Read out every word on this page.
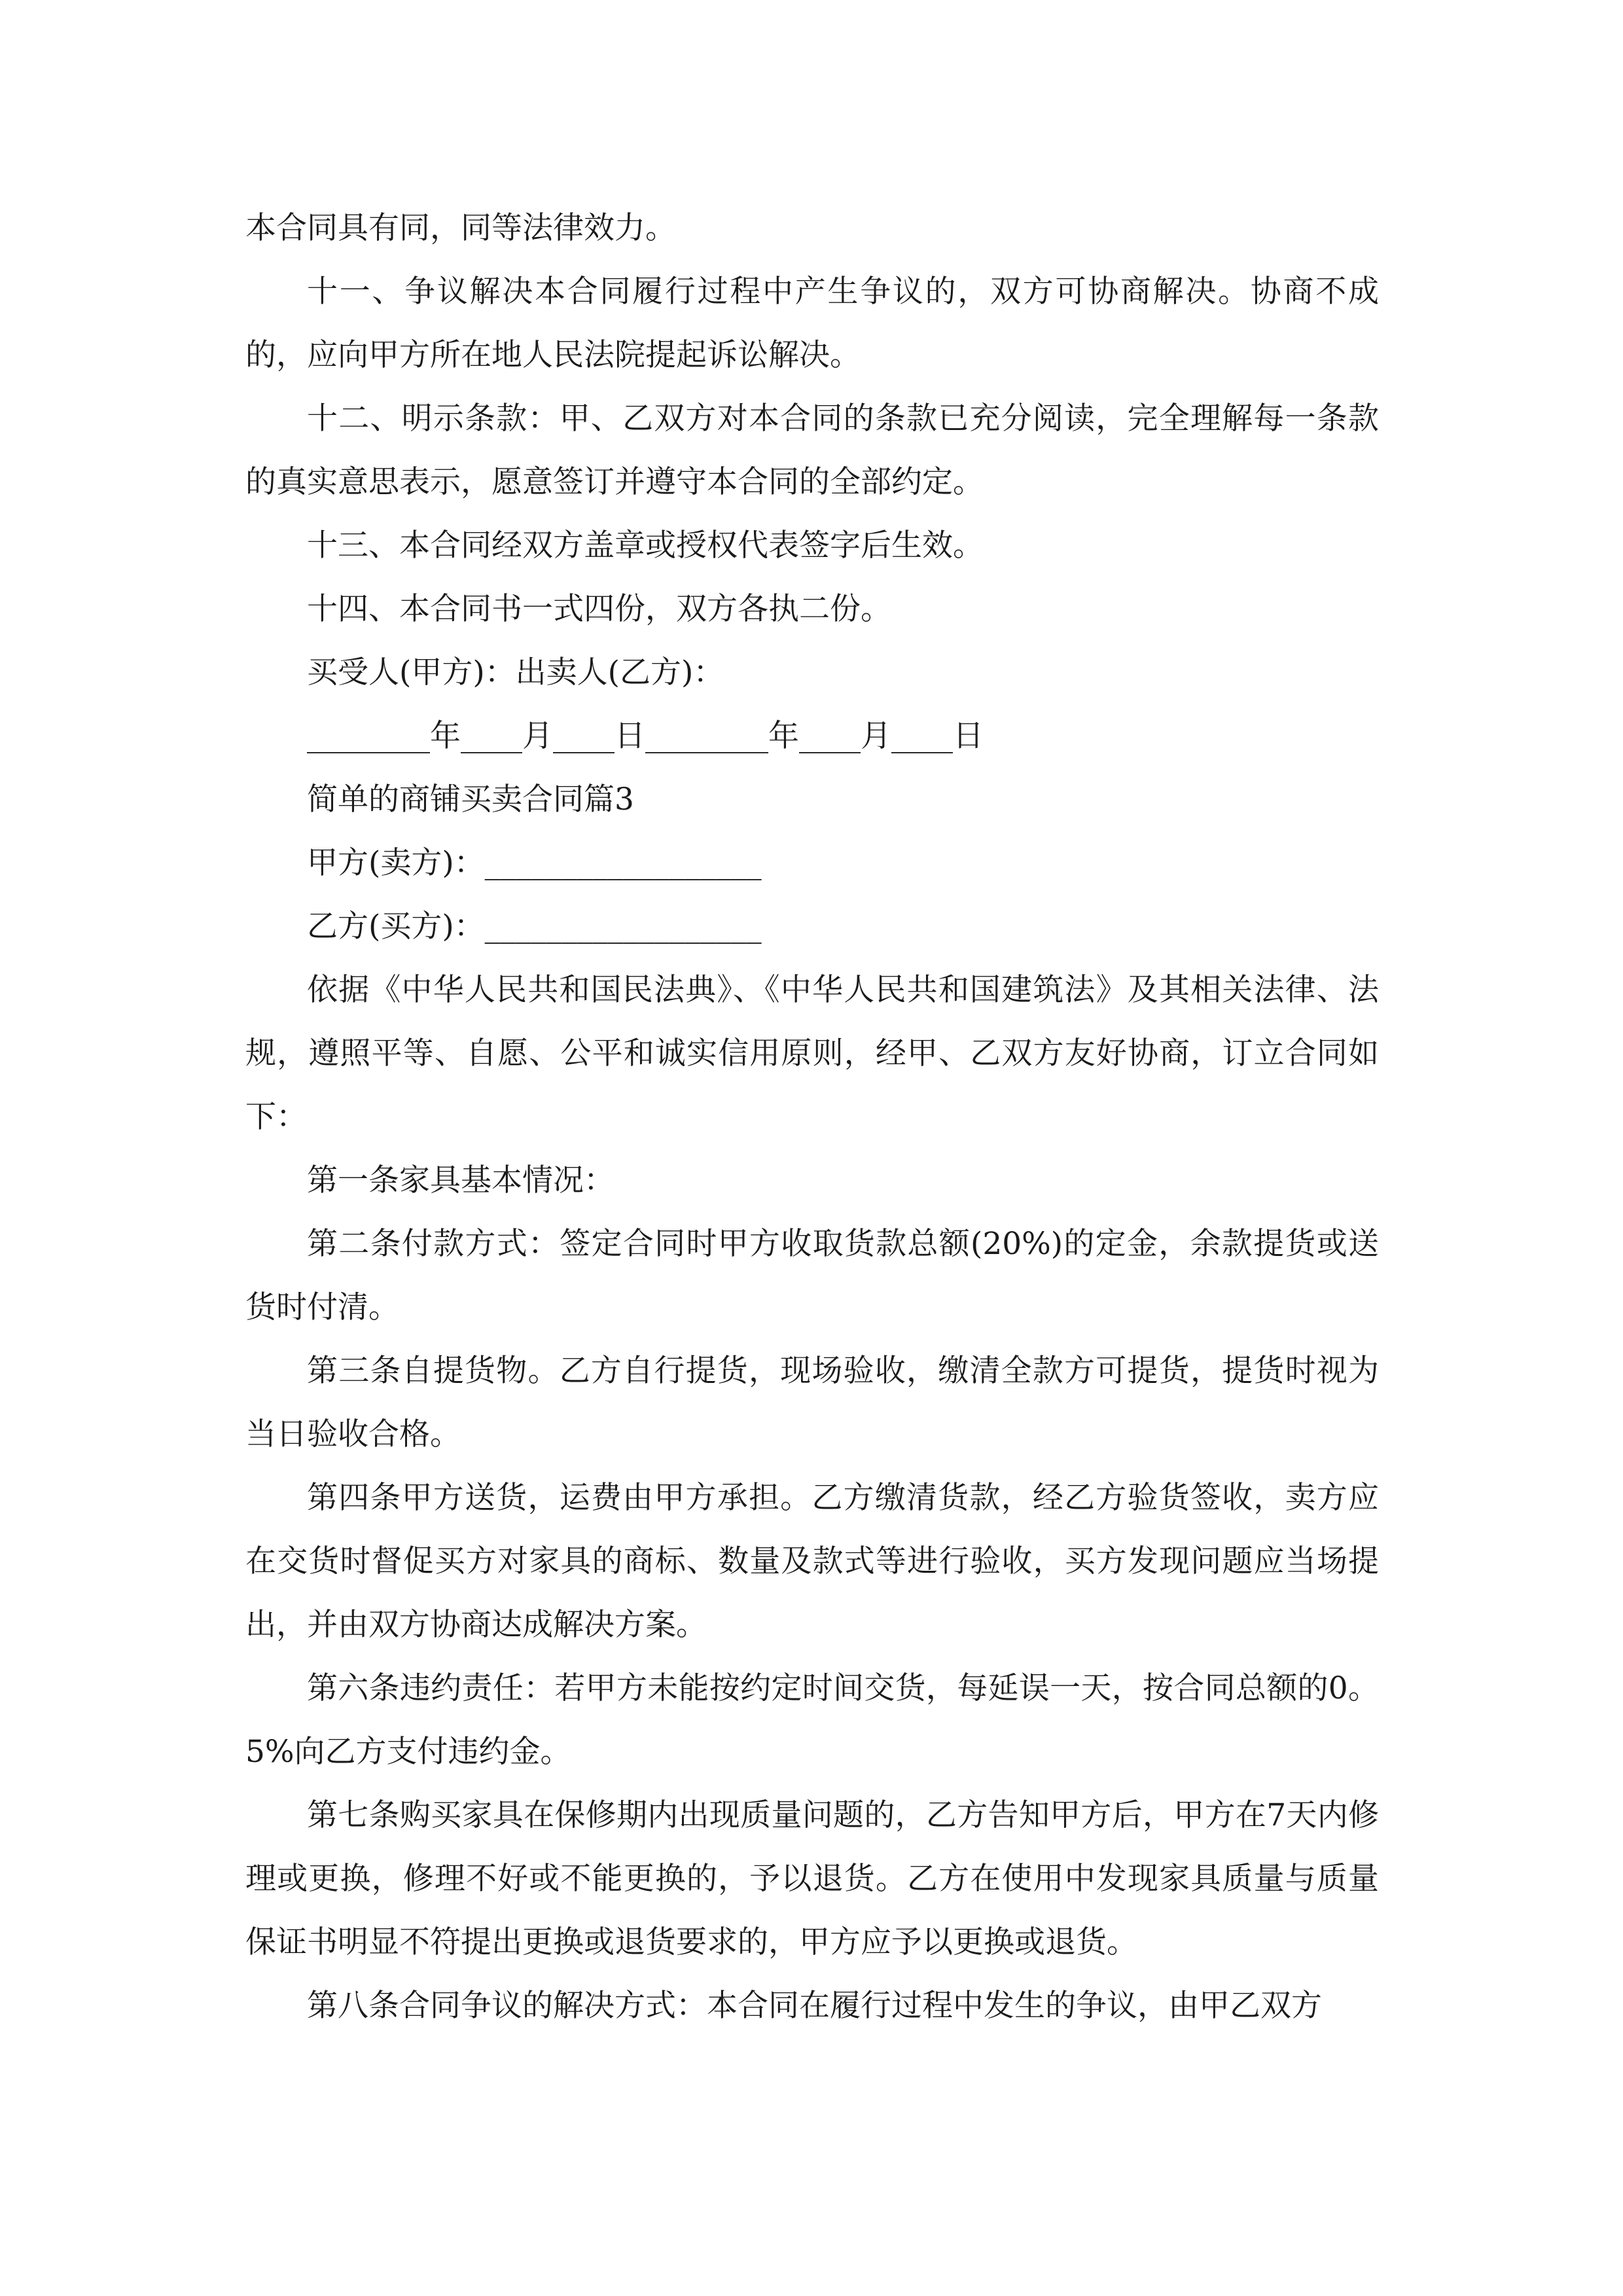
本合同具有同，同等法律效力。

十一、争议解决本合同履行过程中产生争议的，双方可协商解决。协商不成的，应向甲方所在地人民法院提起诉讼解决。

十二、明示条款：甲、乙双方对本合同的条款已充分阅读，完全理解每一条款的真实意思表示，愿意签订并遵守本合同的全部约定。

十三、本合同经双方盖章或授权代表签字后生效。

十四、本合同书一式四份，双方各执二份。

买受人(甲方)：出卖人(乙方)：

________年____月____日________年____月____日

简单的商铺买卖合同篇3

甲方(卖方)：__________________

乙方(买方)：__________________

依据《中华人民共和国民法典》、《中华人民共和国建筑法》及其相关法律、法规，遵照平等、自愿、公平和诚实信用原则，经甲、乙双方友好协商，订立合同如下：

第一条家具基本情况：

第二条付款方式：签定合同时甲方收取货款总额(20%)的定金，余款提货或送货时付清。

第三条自提货物。乙方自行提货，现场验收，缴清全款方可提货，提货时视为当日验收合格。

第四条甲方送货，运费由甲方承担。乙方缴清货款，经乙方验货签收，卖方应在交货时督促买方对家具的商标、数量及款式等进行验收，买方发现问题应当场提出，并由双方协商达成解决方案。

第六条违约责任：若甲方未能按约定时间交货，每延误一天，按合同总额的0。5%向乙方支付违约金。

第七条购买家具在保修期内出现质量问题的，乙方告知甲方后，甲方在7天内修理或更换，修理不好或不能更换的，予以退货。乙方在使用中发现家具质量与质量保证书明显不符提出更换或退货要求的，甲方应予以更换或退货。

第八条合同争议的解决方式：本合同在履行过程中发生的争议，由甲乙双方
